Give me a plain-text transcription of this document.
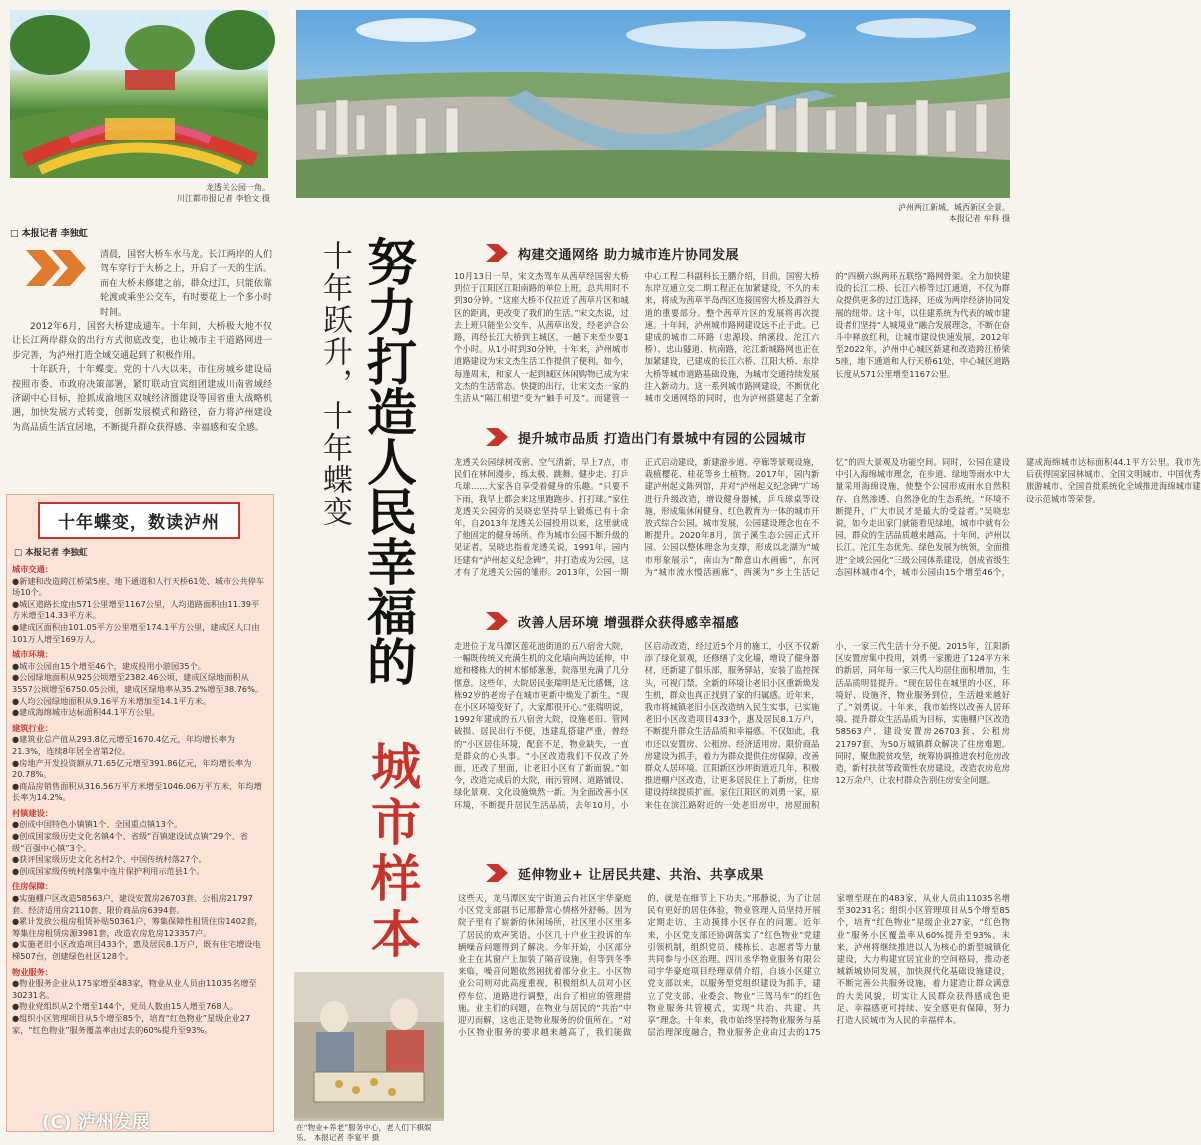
龙透关公园一角。
川江都市报记者 李恰文 摄
泸州两江新城、城西新区全景。
本报记者 牟科 摄
□ 本报记者 李独虹

清晨，国窖大桥车水马龙。长江两岸的人们驾车穿行于大桥之上，开启了一天的生活。而在大桥未修建之前，群众过江，只能依靠轮渡或乘坐公交车，有时要花上一个多小时时间。

2012年6月，国窖大桥建成通车。十年间，大桥极大地不仅让长江两岸群众的出行方式彻底改变，也让城市主干道路网进一步完善，为泸州打造全域交通起到了积极作用。

十年跃升，十年蝶变。党的十八大以来，市住房城乡建设局按照市委、市政府决策部署，紧盯联动宜宾组团建成川南省域经济副中心目标，抢抓成渝地区双城经济圈建设等国省重大战略机遇，加快发展方式转变，创新发展模式和路径，奋力将泸州建设为高品质生活宜居地，不断提升群众获得感、幸福感和安全感。

十年蝶变，数读泸州
□ 本报记者 李独虹

城市交通：

●新建和改造跨江桥梁5座、地下通道和人行天桥61处、城市公共停车场10个。

●城区道路长度由571公里增至1167公里，人均道路面积由11.39平方米增至14.33平方米。

●建成区面积由101.05平方公里增至174.1平方公里，建成区人口由101万人增至169万人。

城市环境：

●城市公园由15个增至46个，建成投用小游园35个。

●公园绿地面积从925公顷增至2382.46公顷，建成区绿地面积从3557公顷增至6750.05公顷，建成区绿地率从35.2%增至38.76%。

●人均公园绿地面积从9.16平方米增加至14.1平方米。

●建成海绵城市达标面积44.1平方公里。

建筑行业：

●建筑业总产值从293.8亿元增至1670.4亿元，年均增长率为21.3%，连续8年居全省第2位。

●房地产开发投资额从71.65亿元增至391.86亿元，年均增长率为20.78%。

●商品房销售面积从316.56万平方米增至1046.06万平方米，年均增长率为14.2%。

村镇建设：

●创成中国特色小镇镇1个、全国重点镇13个。

●创成国家级历史文化名镇4个、省级“百镇建设试点镇”29个、省级“百强中心镇”3个。

●获评国家级历史文化名村2个、中国传统村落27个。

●创成国家级传统村落集中连片保护利用示范县1个。

住房保障：

●实施棚户区改造58563户，建设安置房26703套、公租房21797套、经济适用房2110套、限价商品房6394套。

●累计发放公租房租赁补贴50361户，筹集保障性租赁住房1402套，筹集住房租赁房源3981套，改造农房危房123357户。

●实施老旧小区改造项目433个，惠及居民8.1万户，既有住宅增设电梯507台，创建绿色社区128个。

物业服务：

●物业服务企业从175家增至483家，物业从业人员由11035名增至30231名。

●物业党组织从2个增至144个，党员人数由15人增至768人。

●组织小区管理项目从5个增至85个，培育“红色物业”星级企业27家，“红色物业”服务覆盖率由过去的60%提升至93%。

十年跃升，十年蝶变 努力打造人民幸福的
城市样本
构建交通网络 助力城市连片协同发展
10月13日一早，宋文杰驾车从茜草经国窖大桥到位于江阳区江阳南路的单位上班，总共用时不到30分钟。“这座大桥不仅拉近了茜草片区和城区的距离，更改变了我们的生活。”宋文杰说，过去上班只能坐公交车，从茜草出发，经老泸合公路，再经长江大桥到主城区，一趟下来至少要1个小时。从1小时到30分钟，十年来，泸州城市道路建设为宋文杰生活工作提供了便利。如今，每逢周末，和家人一起到城区休闲购物已成为宋文杰的生活常态。快捷的出行，让宋文杰一家的生活从“隔江相望”变为“触手可及”。而建管一中心工程二科副科长王鹏介绍，目前，国窖大桥东岸互通立交二期工程正在加紧建设，不久的未来，将成为茜草半岛西区连接国窖大桥及酒谷大道的重要部分。整个茜草片区的发展将再次提速。十年间，泸州城市路网建设远不止于此。已建成的城市二环路（忠源段、纳溪段、沱江六桥）、忠山隧道、杭南路，沱江新城路网也正在加紧建设，已建成的长江六桥、江阳大桥、东岸大桥等城市道路基础设施，为城市交通持续发展注入新动力。这一系列城市路网建设，不断优化城市交通网络的同时，也为泸州搭建起了全新的“四横六纵两环五联络”路网骨架。全力加快建设的长江二桥、长江六桥等过江通道，不仅为群众提供更多的过江选择，还成为两岸经济协同发展的纽带。这十年，以住建系统为代表的城市建设者们坚持“人城境业”融合发展理念，不断在奋斗中释放红利，让城市建设快速发展，2012年至2022年，泸州中心城区新建和改造跨江桥梁5座，地下通道和人行天桥61处，中心城区道路长度从571公里增至1167公里。
提升城市品质 打造出门有景城中有园的公园城市
龙透关公园绿树茂密、空气清新，早上7点，市民们在林间漫步，练太极、跳舞、健步走、打乒乓球……大家各自享受着健身的乐趣。“只要不下雨，我早上都会来这里跑跑步、打打球。”家住龙透关公园旁的吴晓忠坚持早上锻炼已有十余年，自2013年龙透关公园投用以来，这里就成了他固定的健身场所。作为城市公园不断升级的见证者，吴晓忠指着龙透关说，1991年，园内还建有“泸州起义纪念碑”，并打造成为公园，这才有了龙透关公园的雏形。2013年，公园一期正式启动建设，新建游步道、亭廊等景观设施，栽植樱花、桂花等乡土植物。2017年，园内新建泸州起义陈列馆，并对“泸州起义纪念碑”广场进行升级改造，增设健身器械，乒乓球桌等设施，形成集休闲健身、红色教育为一体的城市开放式综合公园。城市发展，公园建设理念也在不断提升。2020年8月，滨子溪生态公园正式开园。公园以整体理念为支撑，形成以北湖为“城市形象展示”，南山为“醉意山水画廊”，东河为“城市流水慢活画廊”，西溪为“乡土生活记忆”的四大景观及功能空间。同时，公园在建设中引入海绵城市理念，在步道、绿地等雨水中大量采用海绵设施，使整个公园形成雨水自然积存、自然渗透、自然净化的生态系统。“环境不断提升，广大市民才是最大的受益者。”吴晓忠说，如今走出家门就能看见绿地，城市中就有公园，群众的生活品质越来越高。十年间，泸州以长江、沱江生态优先、绿色发展为统领，全面推进“全域公园化”三级公园体系建设，创成省级生态园林城市4个，城市公园由15个增至46个，建成海绵城市达标面积44.1平方公里。我市先后获得国家园林城市、全国文明城市、中国优秀旅游城市、全国首批系统化全域推进海绵城市建设示范城市等荣誉。
改善人居环境 增强群众获得感幸福感
走进位于龙马潭区莲花池街道的五八宿舍大院，一幅既传统又充满生机的文化墙向两边延伸，中庭和楼栋大的树木郁郁葱葱，院落里充满了几分惬意。这些年，大院居民张瑞明是无比感慨，这栋92岁的老房子在城市更新中焕发了新生。“现在小区环境变好了，大家都很开心。”张瑞明说，1992年建成的五八宿舍大院，设施老旧、管网破损、居民出行不便，违建乱搭建严重，曾经的“小区居住环境，配套不足，物业缺失，一直是群众的心头事。“小区改造我们不仅改了外面，还改了里面，让老旧小区有了新面貌。”如今，改造完成后的大院，雨污管网、道路铺设、绿化景观、文化设施焕然一新。为全面改善小区环境，不断提升居民生活品质，去年10月，小区启动改造，经过近5个月的施工，小区不仅新添了绿化景观，还修缮了文化墙，增设了健身器材，还新建了俱乐部，服务驿站，安装了监控探头，可视门禁。全新的环境让老旧小区重新焕发生机，群众也真正找到了家的归属感。近年来，我市将城镇老旧小区改造纳入民生实事，已实施老旧小区改造项目433个，惠及居民8.1万户，不断提升群众生活品质和幸福感。不仅如此，我市还以安置房、公租房、经济适用房、限价商品房建设为抓手，着力为群众提供住房保障，改善群众人居环境。江阳新区沙坪街道近几年，积极推进棚户区改造，让更多居民住上了新房，住房建设持续提质扩面。家住江阳区的刘勇一家，原来住在滨江路附近的一处老旧房中，房屋面积小，一家三代生活十分不便。2015年，江阳新区安置房集中投用，刘勇一家搬进了124平方米的新居，同年每一家三代人均居住面积增加，生活品质明显提升。“现在居住在城里的小区，环境好、设施齐，物业服务到位，生活越来越好了。”刘勇说。十年来，我市始终以改善人居环境、提升群众生活品质为目标，实施棚户区改造58563户，建设安置房26703套、公租房21797套，为50万城镇群众解决了住房难题。同时，聚焦脱贫攻坚，统筹协调推进农村危房改造，新村扶贫等政策性农房建设，改造农房危房12万余户，让农村群众告别住房安全问题。
延伸物业+ 让居民共建、共治、共享成果
在“物业+养老”服务中心，老人们下棋娱乐。 本报记者 李宴平 摄
这些天，龙马潭区安宁街道云台社区宇华豪庭小区党支部副书记邢静常心情格外舒畅。因为院子里有了崭新的休闲场所，社区里小区里多了居民的欢声笑语。小区几十户业主投诉的车辆噪音问题得到了解决。今年开始，小区部分业主在其窗户上加装了隔音设施，但等到冬季来临，噪音问题依然困扰着部分业主。小区物业公司则对此高度重视，积极组织人员对小区停车位、道路进行调整，出台了相应的管理措施。业主们的问题，在物业与居民的“共治”中迎刃而解，这也正是物业服务的价值所在。“对小区物业服务的要求越来越高了，我们能做的，就是在细节上下功夫。”邢静说，为了让居民有更好的居住体验，物业管理人员坚持开展定期走访，主动摸排小区存在的问题。近年来，小区党支部还协调落实了“红色物业”党建引领机制，组织党员、楼栋长、志愿者等力量共同参与小区治理。四川丞华物业服务有限公司宇华豪庭项目经理章倩介绍，自该小区建立党支部以来，以服务型党组织建设为抓手，建立了党支部、业委会、物业“三驾马车”的红色物业服务共管模式，实现“共治、共建、共享”理念。十年来，我市始终坚持物业服务与基层治理深度融合，物业服务企业由过去的175家增至现在的483家，从业人员由11035名增至30231名；组织小区管理项目从5个增至85个，培育“红色物业”星级企业27家，“红色物业”服务小区覆盖率从60%提升至93%。未来，泸州将继续推进以人为核心的新型城镇化建设，大力构建宜居宜业的空间格局，推动老城新城协同发展，加快现代化基础设施建设，不断完善公共服务设施，着力建造让群众满意的大美风貌，切实让人民群众获得感成色更足、幸福感更可持续、安全感更有保障，努力打造人民城市为人民的幸福样本。
(C) 泸州发展
